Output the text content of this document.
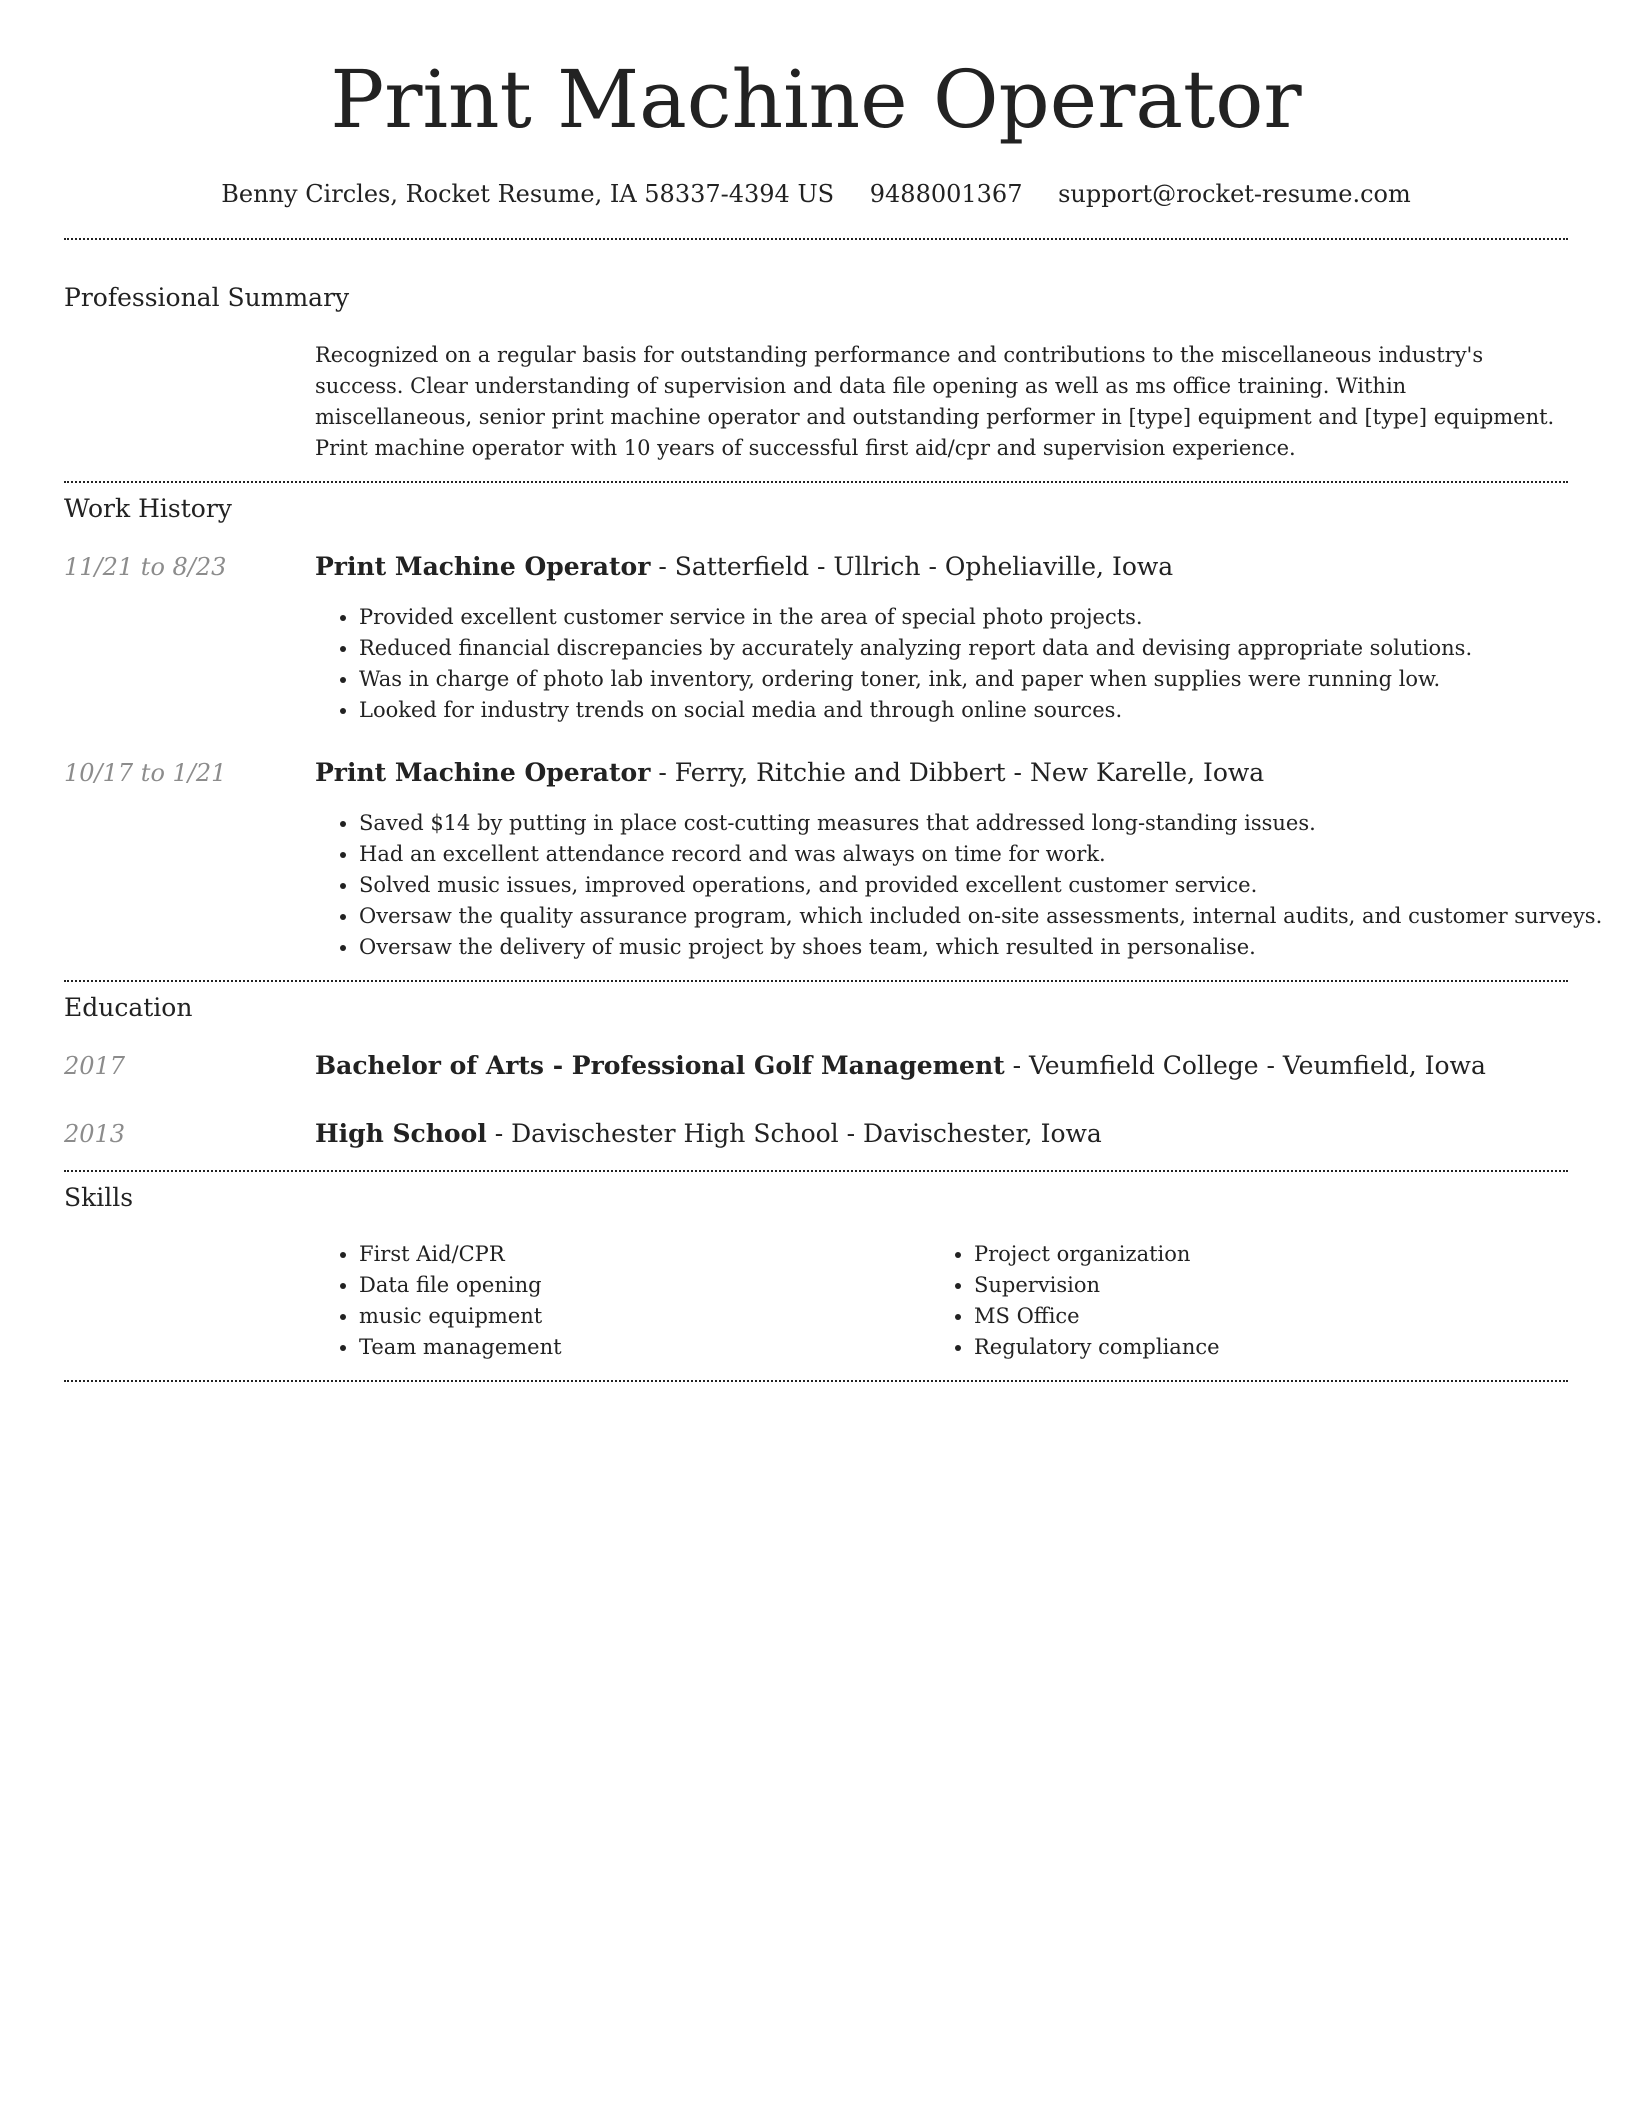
Print Machine Operator
Benny Circles, Rocket Resume, IA 58337-4394 US 9488001367 support@rocket-resume.com
Professional Summary
Recognized on a regular basis for outstanding performance and contributions to the miscellaneous industry's success. Clear understanding of supervision and data file opening as well as ms office training. Within miscellaneous, senior print machine operator and outstanding performer in [type] equipment and [type] equipment. Print machine operator with 10 years of successful first aid/cpr and supervision experience.
Work History
11/21 to 8/23	Print Machine Operator - Satterfield - Ullrich - Opheliaville, Iowa
• Provided excellent customer service in the area of special photo projects.
• Reduced financial discrepancies by accurately analyzing report data and devising appropriate solutions.
• Was in charge of photo lab inventory, ordering toner, ink, and paper when supplies were running low.
• Looked for industry trends on social media and through online sources.
10/17 to 1/21	Print Machine Operator - Ferry, Ritchie and Dibbert - New Karelle, Iowa
• Saved $14 by putting in place cost-cutting measures that addressed long-standing issues.
• Had an excellent attendance record and was always on time for work.
• Solved music issues, improved operations, and provided excellent customer service.
• Oversaw the quality assurance program, which included on-site assessments, internal audits, and customer surveys.
• Oversaw the delivery of music project by shoes team, which resulted in personalise.
Education
2017	Bachelor of Arts - Professional Golf Management - Veumfield College - Veumfield, Iowa
2013	High School - Davischester High School - Davischester, Iowa
Skills
• First Aid/CPR
• Data file opening
• music equipment
• Team management
• Project organization
• Supervision
• MS Office
• Regulatory compliance
